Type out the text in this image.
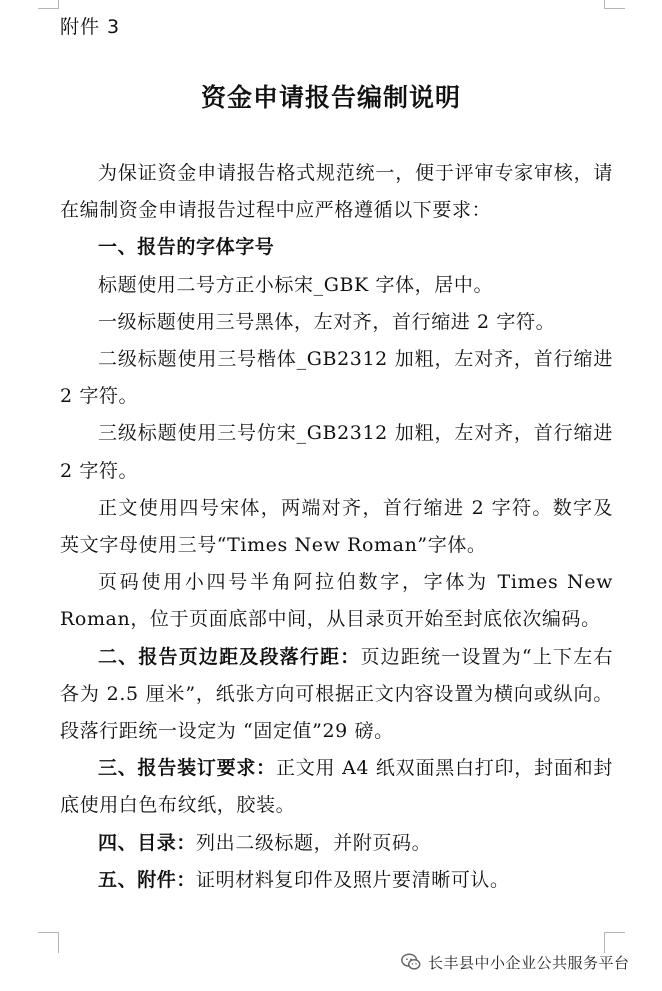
附件 3
资金申请报告编制说明

为保证资金申请报告格式规范统一，便于评审专家审核，请在编制资金申请报告过程中应严格遵循以下要求：

一、报告的字体字号

标题使用二号方正小标宋_GBK 字体，居中。

一级标题使用三号黑体，左对齐，首行缩进 2 字符。

二级标题使用三号楷体_GB2312 加粗，左对齐，首行缩进 2 字符。

三级标题使用三号仿宋_GB2312 加粗，左对齐，首行缩进 2 字符。

正文使用四号宋体，两端对齐，首行缩进 2 字符。数字及英文字母使用三号“Times New Roman”字体。

页码使用小四号半角阿拉伯数字，字体为 Times New Roman，位于页面底部中间，从目录页开始至封底依次编码。

二、报告页边距及段落行距：页边距统一设置为“上下左右各为 2.5 厘米”，纸张方向可根据正文内容设置为横向或纵向。段落行距统一设定为 “固定值”29 磅。

三、报告装订要求：正文用 A4 纸双面黑白打印，封面和封底使用白色布纹纸，胶装。

四、目录：列出二级标题，并附页码。

五、附件：证明材料复印件及照片要清晰可认。

长丰县中小企业公共服务平台
